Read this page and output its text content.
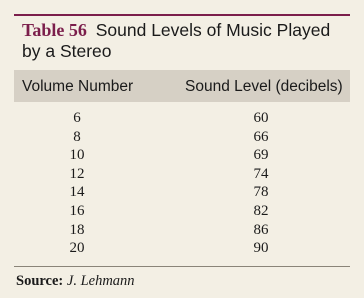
Table 56 Sound Levels of Music Played by a Stereo
Volume Number	Sound Level (decibels)
6	60
8	66
10	69
12	74
14	78
16	82
18	86
20	90
Source: J. Lehmann
